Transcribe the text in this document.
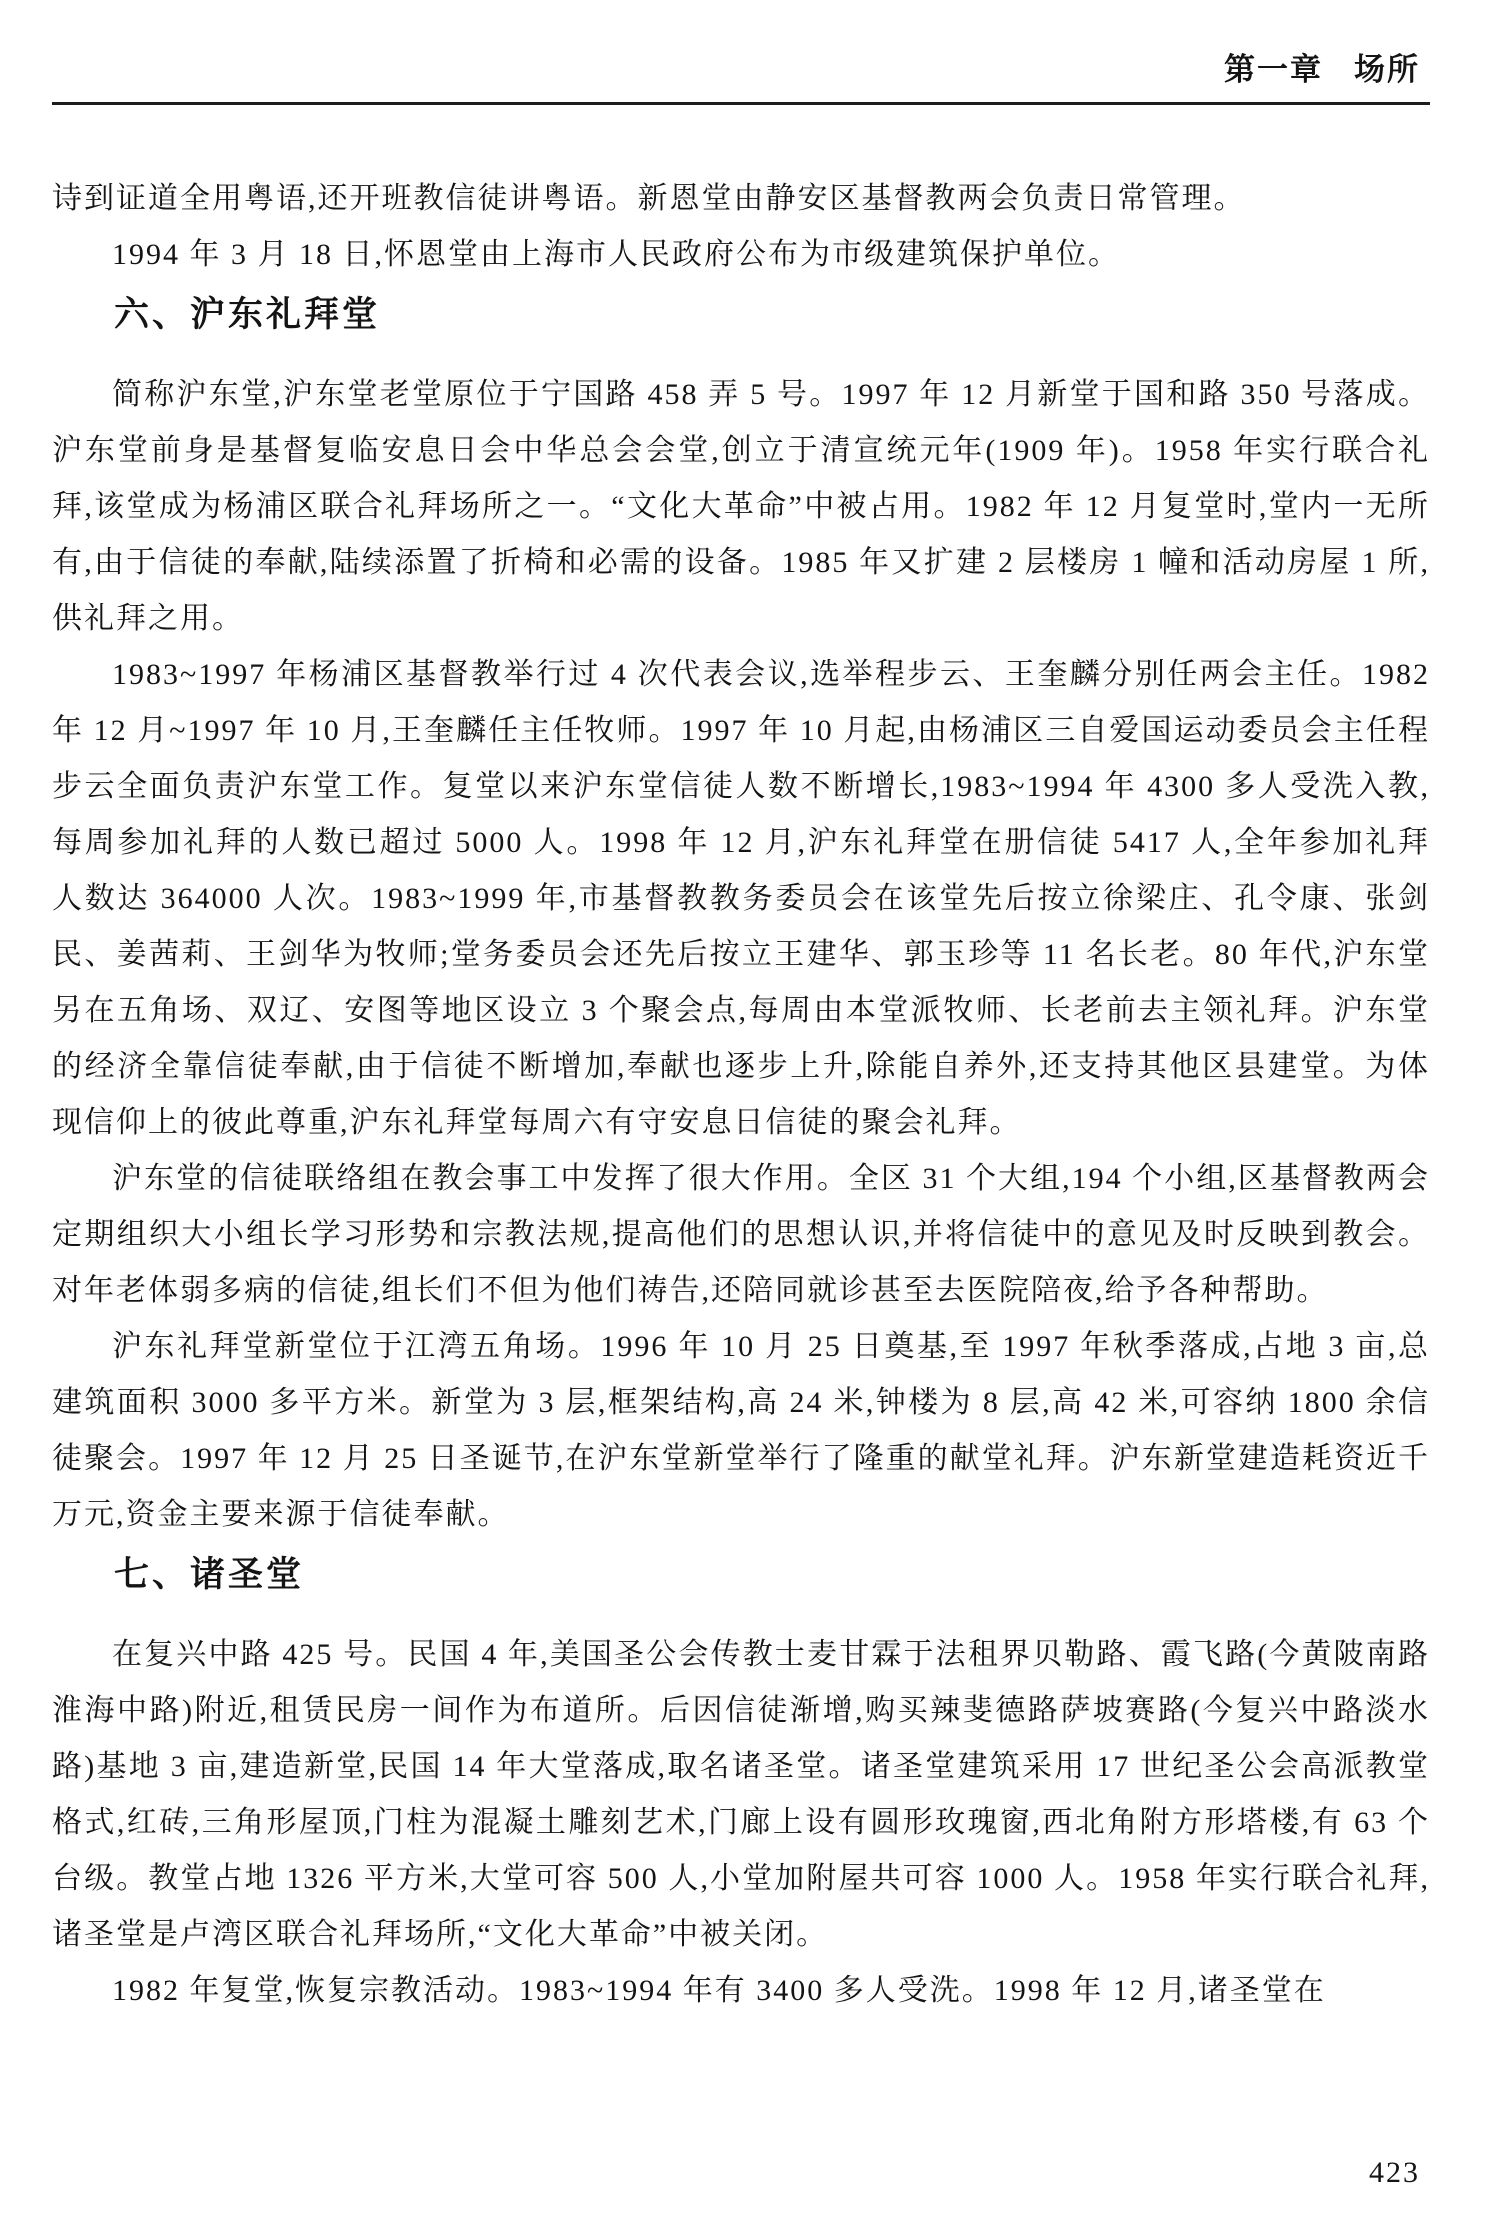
第一章 场所

诗到证道全用粤语,还开班教信徒讲粤语。新恩堂由静安区基督教两会负责日常管理。

1994 年 3 月 18 日,怀恩堂由上海市人民政府公布为市级建筑保护单位。

六、沪东礼拜堂

简称沪东堂,沪东堂老堂原位于宁国路 458 弄 5 号。1997 年 12 月新堂于国和路 350 号落成。沪东堂前身是基督复临安息日会中华总会会堂,创立于清宣统元年(1909 年)。1958 年实行联合礼拜,该堂成为杨浦区联合礼拜场所之一。“文化大革命”中被占用。1982 年 12 月复堂时,堂内一无所有,由于信徒的奉献,陆续添置了折椅和必需的设备。1985 年又扩建 2 层楼房 1 幢和活动房屋 1 所,供礼拜之用。

1983~1997 年杨浦区基督教举行过 4 次代表会议,选举程步云、王奎麟分别任两会主任。1982 年 12 月~1997 年 10 月,王奎麟任主任牧师。1997 年 10 月起,由杨浦区三自爱国运动委员会主任程步云全面负责沪东堂工作。复堂以来沪东堂信徒人数不断增长,1983~1994 年 4300 多人受洗入教,每周参加礼拜的人数已超过 5000 人。1998 年 12 月,沪东礼拜堂在册信徒 5417 人,全年参加礼拜人数达 364000 人次。1983~1999 年,市基督教教务委员会在该堂先后按立徐梁庄、孔令康、张剑民、姜茜莉、王剑华为牧师;堂务委员会还先后按立王建华、郭玉珍等 11 名长老。80 年代,沪东堂另在五角场、双辽、安图等地区设立 3 个聚会点,每周由本堂派牧师、长老前去主领礼拜。沪东堂的经济全靠信徒奉献,由于信徒不断增加,奉献也逐步上升,除能自养外,还支持其他区县建堂。为体现信仰上的彼此尊重,沪东礼拜堂每周六有守安息日信徒的聚会礼拜。

沪东堂的信徒联络组在教会事工中发挥了很大作用。全区 31 个大组,194 个小组,区基督教两会定期组织大小组长学习形势和宗教法规,提高他们的思想认识,并将信徒中的意见及时反映到教会。对年老体弱多病的信徒,组长们不但为他们祷告,还陪同就诊甚至去医院陪夜,给予各种帮助。

沪东礼拜堂新堂位于江湾五角场。1996 年 10 月 25 日奠基,至 1997 年秋季落成,占地 3 亩,总建筑面积 3000 多平方米。新堂为 3 层,框架结构,高 24 米,钟楼为 8 层,高 42 米,可容纳 1800 余信徒聚会。1997 年 12 月 25 日圣诞节,在沪东堂新堂举行了隆重的献堂礼拜。沪东新堂建造耗资近千万元,资金主要来源于信徒奉献。

七、诸圣堂

在复兴中路 425 号。民国 4 年,美国圣公会传教士麦甘霖于法租界贝勒路、霞飞路(今黄陂南路淮海中路)附近,租赁民房一间作为布道所。后因信徒渐增,购买辣斐德路萨坡赛路(今复兴中路淡水路)基地 3 亩,建造新堂,民国 14 年大堂落成,取名诸圣堂。诸圣堂建筑采用 17 世纪圣公会高派教堂格式,红砖,三角形屋顶,门柱为混凝土雕刻艺术,门廊上设有圆形玫瑰窗,西北角附方形塔楼,有 63 个台级。教堂占地 1326 平方米,大堂可容 500 人,小堂加附屋共可容 1000 人。1958 年实行联合礼拜,诸圣堂是卢湾区联合礼拜场所,“文化大革命”中被关闭。

1982 年复堂,恢复宗教活动。1983~1994 年有 3400 多人受洗。1998 年 12 月,诸圣堂在

423
